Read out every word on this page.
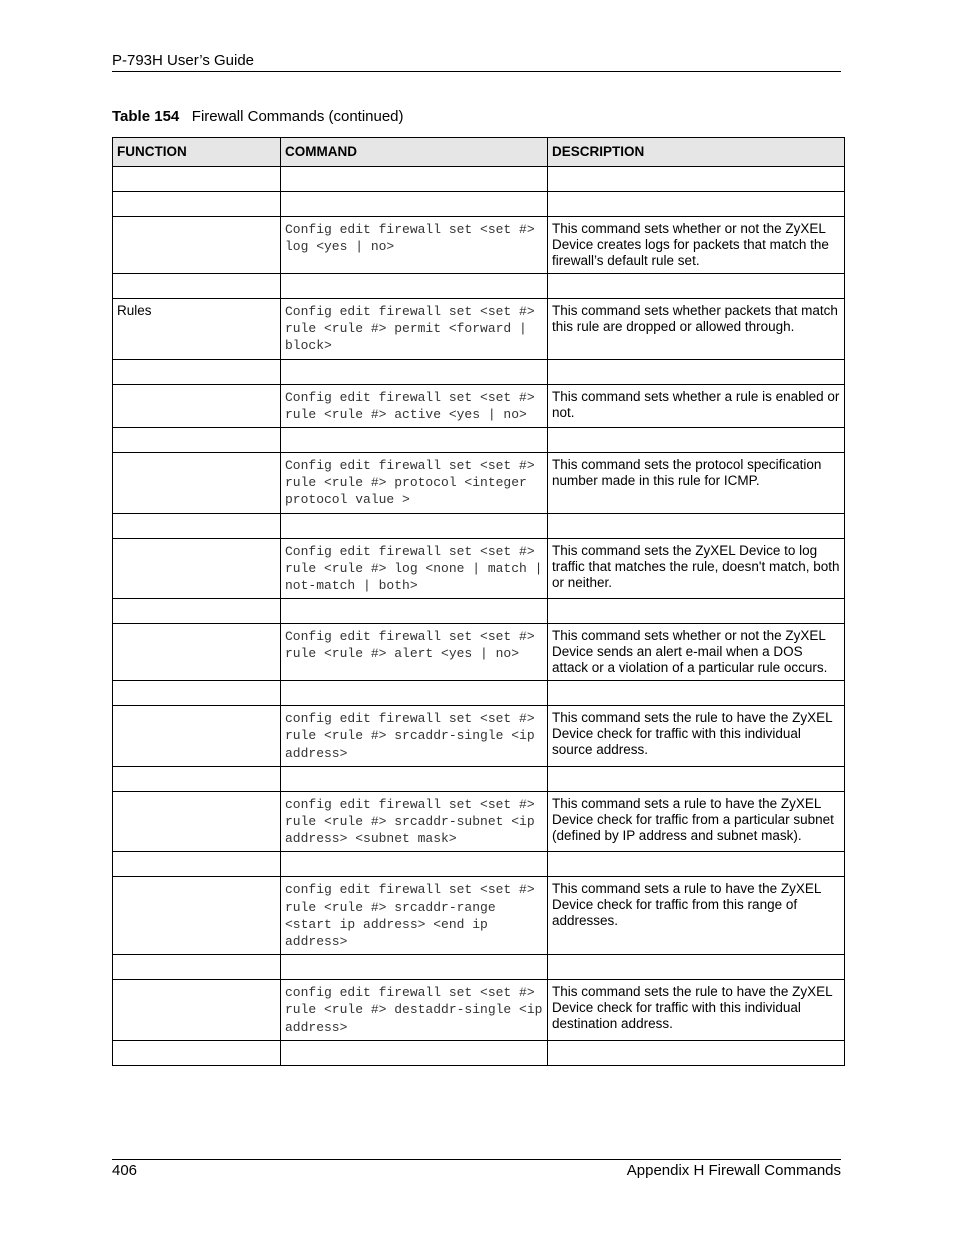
P-793H User’s Guide
Table 154 Firewall Commands (continued)
FUNCTION	COMMAND	DESCRIPTION

	Config edit firewall set <set #> log <yes | no>	This command sets whether or not the ZyXEL Device creates logs for packets that match the firewall’s default rule set.

Rules	Config edit firewall set <set #> rule <rule #> permit <forward | block>	This command sets whether packets that match this rule are dropped or allowed through.

	Config edit firewall set <set #> rule <rule #> active <yes | no>	This command sets whether a rule is enabled or not.

	Config edit firewall set <set #> rule <rule #> protocol <integer protocol value >	This command sets the protocol specification number made in this rule for ICMP.

	Config edit firewall set <set #> rule <rule #> log <none | match | not-match | both>	This command sets the ZyXEL Device to log traffic that matches the rule, doesn't match, both or neither.

	Config edit firewall set <set #> rule <rule #> alert <yes | no>	This command sets whether or not the ZyXEL Device sends an alert e-mail when a DOS attack or a violation of a particular rule occurs.

	config edit firewall set <set #> rule <rule #> srcaddr-single <ip address>	This command sets the rule to have the ZyXEL Device check for traffic with this individual source address.

	config edit firewall set <set #> rule <rule #> srcaddr-subnet <ip address> <subnet mask>	This command sets a rule to have the ZyXEL Device check for traffic from a particular subnet (defined by IP address and subnet mask).

	config edit firewall set <set #> rule <rule #> srcaddr-range <start ip address> <end ip address>	This command sets a rule to have the ZyXEL Device check for traffic from this range of addresses.

	config edit firewall set <set #> rule <rule #> destaddr-single <ip address>	This command sets the rule to have the ZyXEL Device check for traffic with this individual destination address.

406	Appendix H Firewall Commands
